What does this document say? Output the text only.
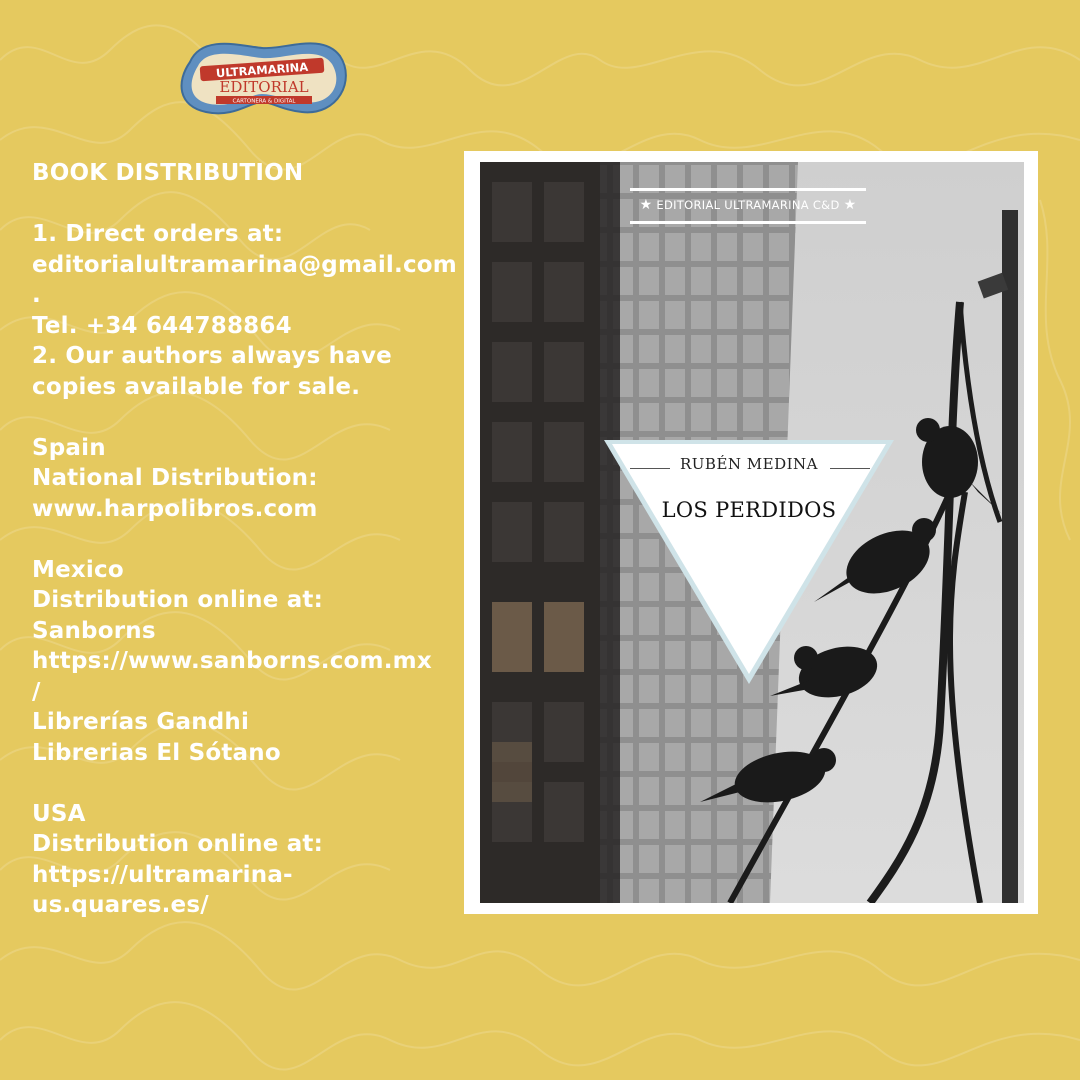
ULTRAMARINA
EDITORIAL
CARTONERA & DIGITAL
BOOK DISTRIBUTION
1. Direct orders at:
editorialultramarina@gmail.com
.
Tel. +34 644788864
2. Our authors always have
copies available for sale.
Spain
National Distribution:
www.harpolibros.com
Mexico
Distribution online at:
Sanborns
https://www.sanborns.com.mx
/
Librerías Gandhi
Librerias El Sótano
USA
Distribution online at:
https://ultramarina-
us.quares.es/
★ EDITORIAL ULTRAMARINA C&D ★
RUBÉN MEDINA
LOS PERDIDOS
